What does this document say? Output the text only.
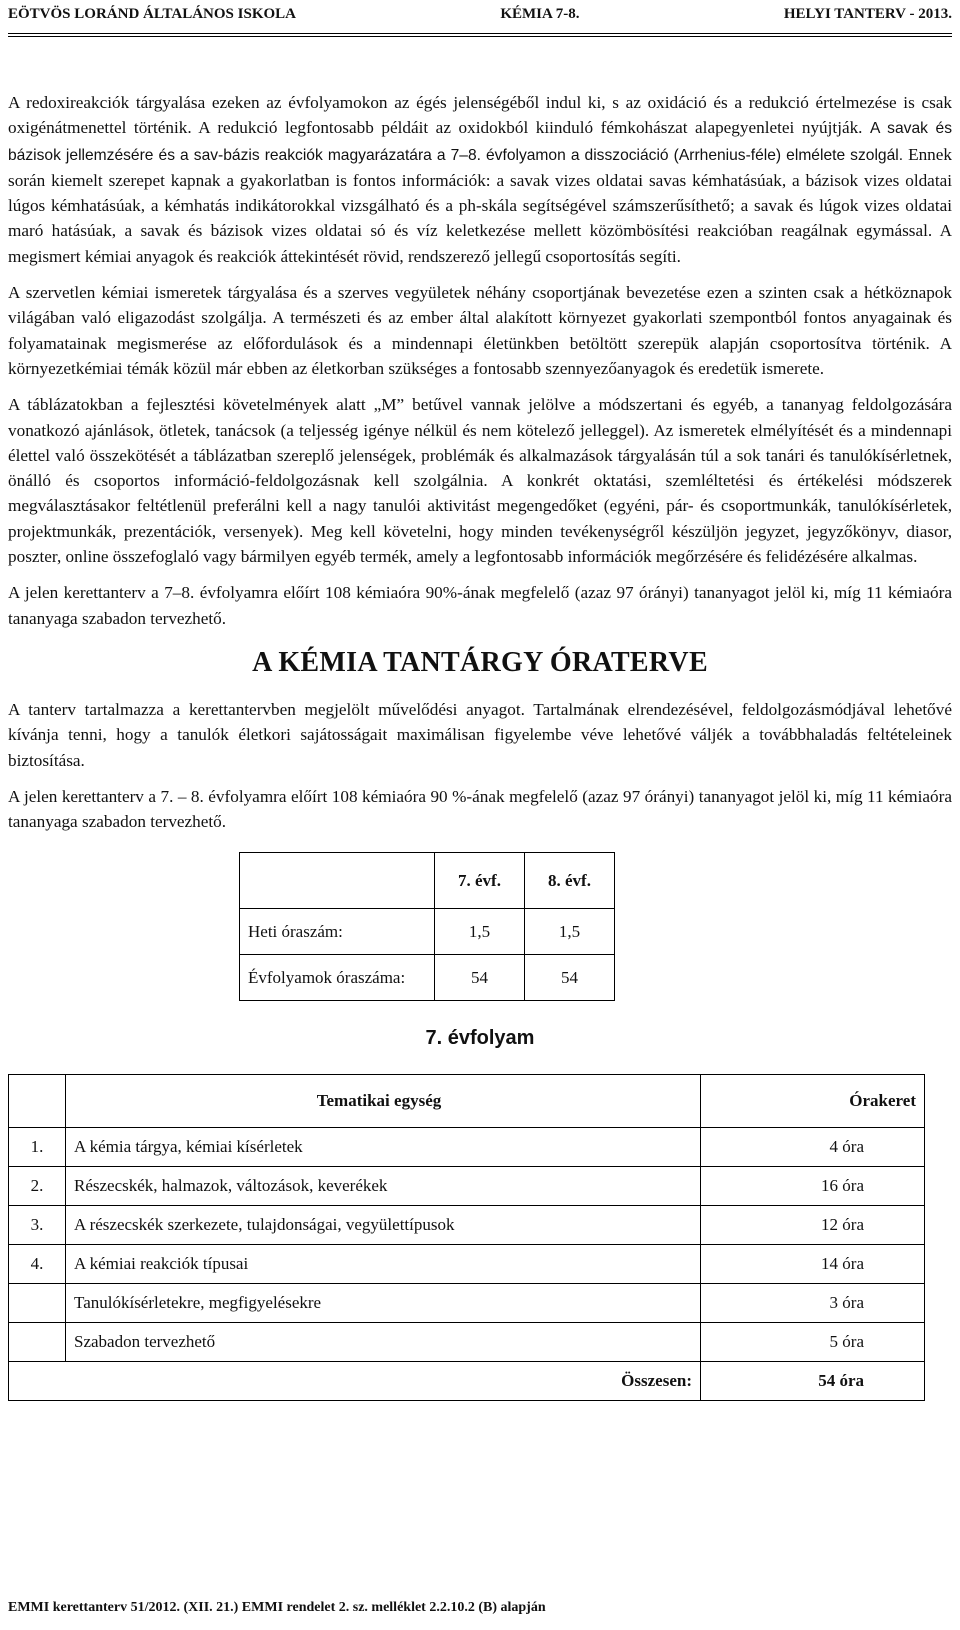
EÖTVÖS LORÁND ÁLTALÁNOS ISKOLA	KÉMIA 7-8.	HELYI TANTERV - 2013.

A redoxireakciók tárgyalása ezeken az évfolyamokon az égés jelenségéből indul ki, s az oxidáció és a redukció értelmezése is csak oxigénátmenettel történik. A redukció legfontosabb példáit az oxidokból kiinduló fémkohászat alapegyenletei nyújtják. A savak és bázisok jellemzésére és a sav-bázis reakciók magyarázatára a 7–8. évfolyamon a disszociáció (Arrhenius-féle) elmélete szolgál. Ennek során kiemelt szerepet kapnak a gyakorlatban is fontos információk: a savak vizes oldatai savas kémhatásúak, a bázisok vizes oldatai lúgos kémhatásúak, a kémhatás indikátorokkal vizsgálható és a ph-skála segítségével számszerűsíthető; a savak és lúgok vizes oldatai maró hatásúak, a savak és bázisok vizes oldatai só és víz keletkezése mellett közömbösítési reakcióban reagálnak egymással. A megismert kémiai anyagok és reakciók áttekintését rövid, rendszerező jellegű csoportosítás segíti.

A szervetlen kémiai ismeretek tárgyalása és a szerves vegyületek néhány csoportjának bevezetése ezen a szinten csak a hétköznapok világában való eligazodást szolgálja. A természeti és az ember által alakított környezet gyakorlati szempontból fontos anyagainak és folyamatainak megismerése az előfordulások és a mindennapi életünkben betöltött szerepük alapján csoportosítva történik. A környezetkémiai témák közül már ebben az életkorban szükséges a fontosabb szennyezőanyagok és eredetük ismerete.

A táblázatokban a fejlesztési követelmények alatt „M” betűvel vannak jelölve a módszertani és egyéb, a tananyag feldolgozására vonatkozó ajánlások, ötletek, tanácsok (a teljesség igénye nélkül és nem kötelező jelleggel). Az ismeretek elmélyítését és a mindennapi élettel való összekötését a táblázatban szereplő jelenségek, problémák és alkalmazások tárgyalásán túl a sok tanári és tanulókísérletnek, önálló és csoportos információ-feldolgozásnak kell szolgálnia. A konkrét oktatási, szemléltetési és értékelési módszerek megválasztásakor feltétlenül preferálni kell a nagy tanulói aktivitást megengedőket (egyéni, pár- és csoportmunkák, tanulókísérletek, projektmunkák, prezentációk, versenyek). Meg kell követelni, hogy minden tevékenységről készüljön jegyzet, jegyzőkönyv, diasor, poszter, online összefoglaló vagy bármilyen egyéb termék, amely a legfontosabb információk megőrzésére és felidézésére alkalmas.

A jelen kerettanterv a 7–8. évfolyamra előírt 108 kémiaóra 90%-ának megfelelő (azaz 97 órányi) tananyagot jelöl ki, míg 11 kémiaóra tananyaga szabadon tervezhető.

A KÉMIA TANTÁRGY ÓRATERVE

A tanterv tartalmazza a kerettantervben megjelölt művelődési anyagot. Tartalmának elrendezésével, feldolgozásmódjával lehetővé kívánja tenni, hogy a tanulók életkori sajátosságait maximálisan figyelembe véve lehetővé váljék a továbbhaladás feltételeinek biztosítása.

A jelen kerettanterv a 7. – 8. évfolyamra előírt 108 kémiaóra 90 %-ának megfelelő (azaz 97 órányi) tananyagot jelöl ki, míg 11 kémiaóra tananyaga szabadon tervezhető.

	7. évf.	8. évf.
Heti óraszám:	1,5	1,5
Évfolyamok óraszáma:	54	54
7. évfolyam
	Tematikai egység	Órakeret
1.	A kémia tárgya, kémiai kísérletek	4 óra
2.	Részecskék, halmazok, változások, keverékek	16 óra
3.	A részecskék szerkezete, tulajdonságai, vegyülettípusok	12 óra
4.	A kémiai reakciók típusai	14 óra
	Tanulókísérletekre, megfigyelésekre	3 óra
	Szabadon tervezhető	5 óra
Összesen:		54 óra
EMMI kerettanterv 51/2012. (XII. 21.) EMMI rendelet 2. sz. melléklet 2.2.10.2 (B) alapján
